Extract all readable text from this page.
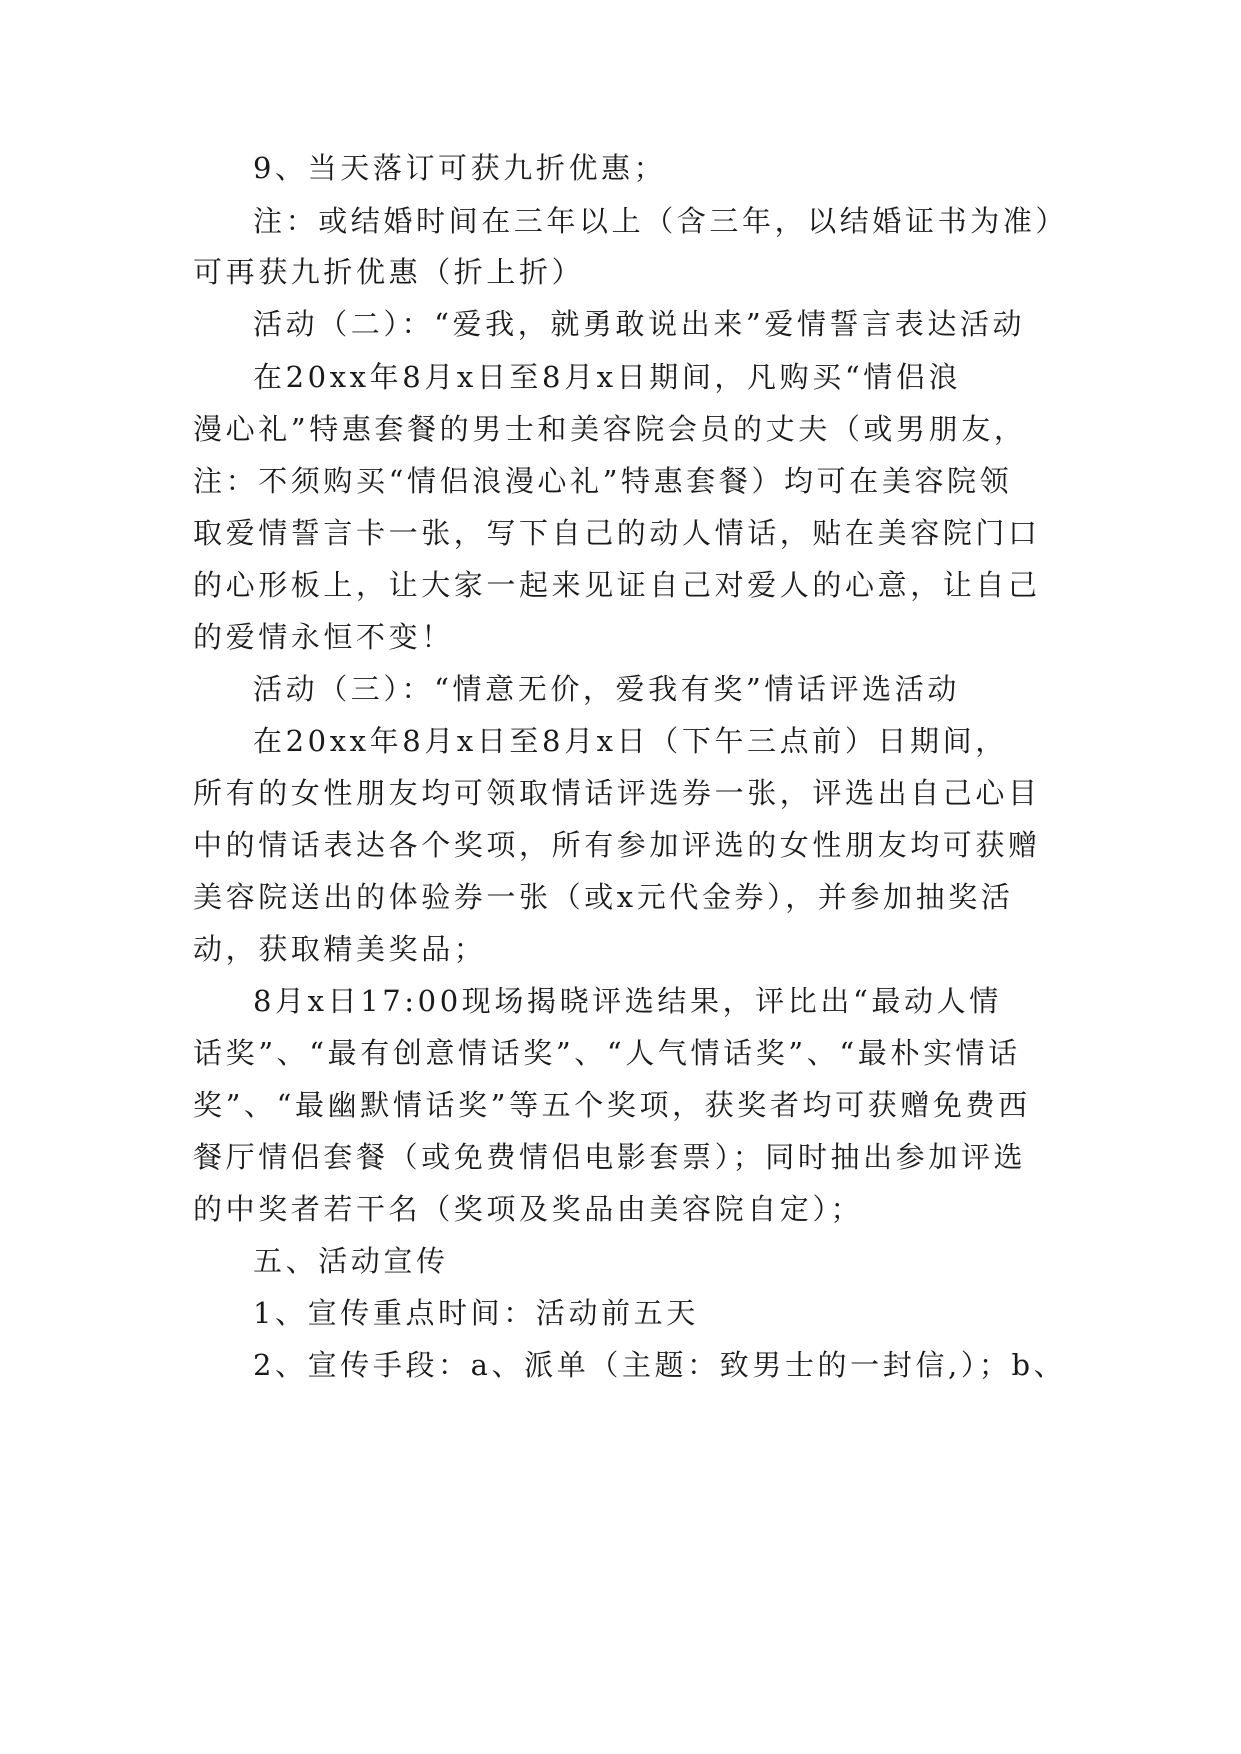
9、当天落订可获九折优惠；
注：或结婚时间在三年以上（含三年，以结婚证书为准）
可再获九折优惠（折上折）
活动（二）：“爱我，就勇敢说出来”爱情誓言表达活动
在20xx年8月x日至8月x日期间，凡购买“情侣浪
漫心礼”特惠套餐的男士和美容院会员的丈夫（或男朋友，
注：不须购买“情侣浪漫心礼”特惠套餐）均可在美容院领
取爱情誓言卡一张，写下自己的动人情话，贴在美容院门口
的心形板上，让大家一起来见证自己对爱人的心意，让自己
的爱情永恒不变！
活动（三）：“情意无价，爱我有奖”情话评选活动
在20xx年8月x日至8月x日（下午三点前）日期间，
所有的女性朋友均可领取情话评选券一张，评选出自己心目
中的情话表达各个奖项，所有参加评选的女性朋友均可获赠
美容院送出的体验券一张（或x元代金券），并参加抽奖活
动，获取精美奖品；
8月x日17:00现场揭晓评选结果，评比出“最动人情
话奖”、“最有创意情话奖”、“人气情话奖”、“最朴实情话
奖”、“最幽默情话奖”等五个奖项，获奖者均可获赠免费西
餐厅情侣套餐（或免费情侣电影套票）；同时抽出参加评选
的中奖者若干名（奖项及奖品由美容院自定）；
五、活动宣传
1、宣传重点时间：活动前五天
2、宣传手段：a、派单（主题：致男士的一封信,）；b、
